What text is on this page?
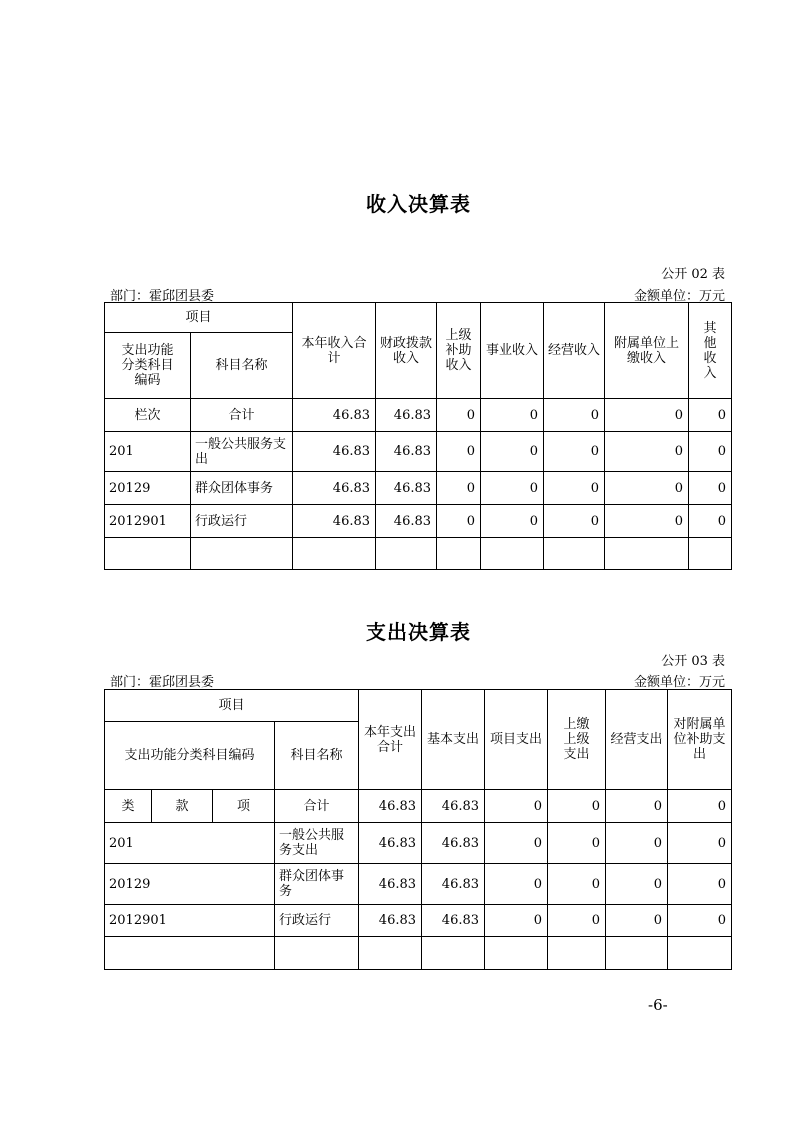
收入决算表
公开 02 表
部门：霍邱团县委	金额单位：万元
项目		本年收入合计	财政拨款收入	上级补助收入	事业收入	经营收入	附属单位上缴收入	其他收入
支出功能分类科目编码	科目名称							
栏次	合计	46.83	46.83	0	0	0	0	0
201	一般公共服务支出	46.83	46.83	0	0	0	0	0
20129	群众团体事务	46.83	46.83	0	0	0	0	0
2012901	行政运行	46.83	46.83	0	0	0	0	0

支出决算表
公开 03 表
部门：霍邱团县委	金额单位：万元
项目				本年支出合计	基本支出	项目支出	上缴上级支出	经营支出	对附属单位补助支出
支出功能分类科目编码			科目名称						
类	款	项	合计	46.83	46.83	0	0	0	0
201			一般公共服务支出	46.83	46.83	0	0	0	0
20129			群众团体事务	46.83	46.83	0	0	0	0
2012901			行政运行	46.83	46.83	0	0	0	0

-6-
